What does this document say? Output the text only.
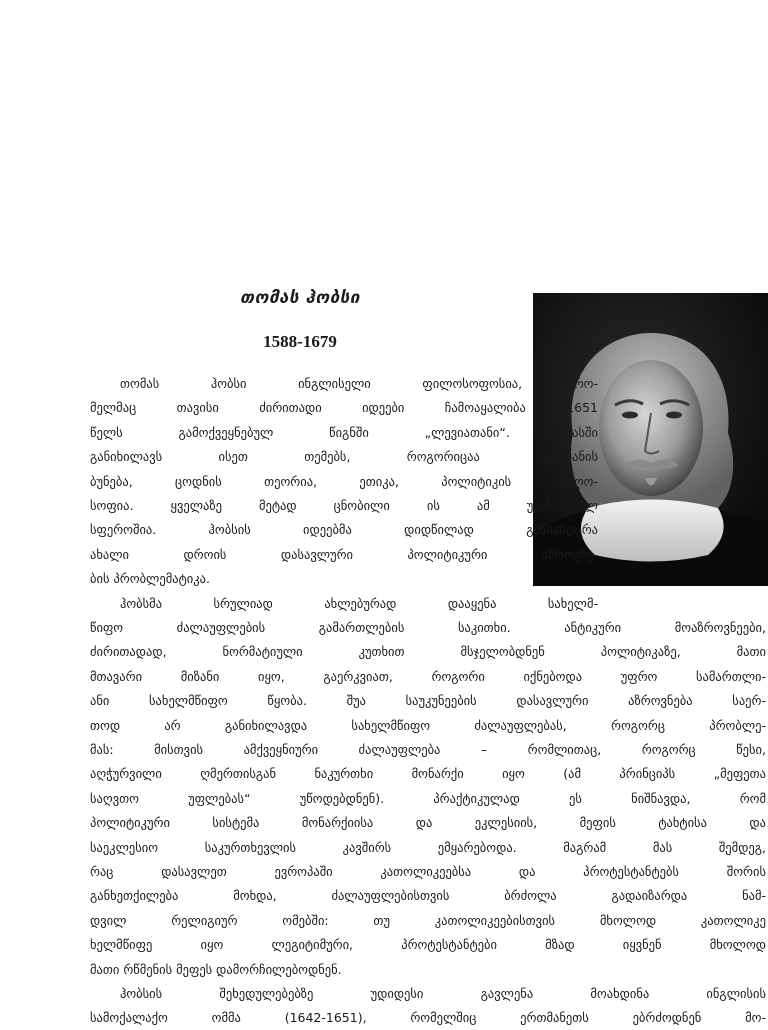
თომას ჰობსი
1588-1679

თომას ჰობსი ინგლისელი ფილოსოფოსია, რო-

მელმაც თავისი ძირითადი იდეები ჩამოაყალიბა 1651

წელს გამოქვეყნებულ წიგნში „ლევიათანი“. მასში

განიხილავს ისეთ თემებს, როგორიცაა ადამიანის

ბუნება, ცოდნის თეორია, ეთიკა, პოლიტიკის ფილო-

სოფია. ყველაზე მეტად ცნობილი ის ამ უკანასკნელ

სფეროშია. ჰობსის იდეებმა დიდწილად განსაზღვრა

ახალი დროის დასავლური პოლიტიკური აზროვნე-

ბის პრობლემატიკა.

ჰობსმა სრულიად ახლებურად დააყენა სახელმ-

წიფო ძალაუფლების გამართლების საკითხი. ანტიკური მოაზროვნეები,

ძირითადად, ნორმატიული კუთხით მსჯელობდნენ პოლიტიკაზე, მათი

მთავარი მიზანი იყო, გაერკვიათ, როგორი იქნებოდა უფრო სამართლი-

ანი სახელმწიფო წყობა. შუა საუკუნეების დასავლური აზროვნება საერ-

თოდ არ განიხილავდა სახელმწიფო ძალაუფლებას, როგორც პრობლე-

მას: მისთვის ამქვეყნიური ძალაუფლება – რომლითაც, როგორც წესი,

აღჭურვილი ღმერთისგან ნაკურთხი მონარქი იყო (ამ პრინციპს „მეფეთა

საღვთო უფლებას“ უწოდებდნენ). პრაქტიკულად ეს ნიშნავდა, რომ

პოლიტიკური სისტემა მონარქიისა და ეკლესიის, მეფის ტახტისა და

საეკლესიო საკურთხევლის კავშირს ემყარებოდა. მაგრამ მას შემდეგ,

რაც დასავლეთ ევროპაში კათოლიკეებსა და პროტესტანტებს შორის

განხეთქილება მოხდა, ძალაუფლებისთვის ბრძოლა გადაიზარდა ნამ-

დვილ რელიგიურ ომებში: თუ კათოლიკეებისთვის მხოლოდ კათოლიკე

ხელმწიფე იყო ლეგიტიმური, პროტესტანტები მზად იყვნენ მხოლოდ

მათი რწმენის მეფეს დამორჩილებოდნენ.

ჰობსის შეხედულებებზე უდიდესი გავლენა მოახდინა ინგლისის

სამოქალაქო ომმა (1642-1651), რომელშიც ერთმანეთს ებრძოდნენ მო-
